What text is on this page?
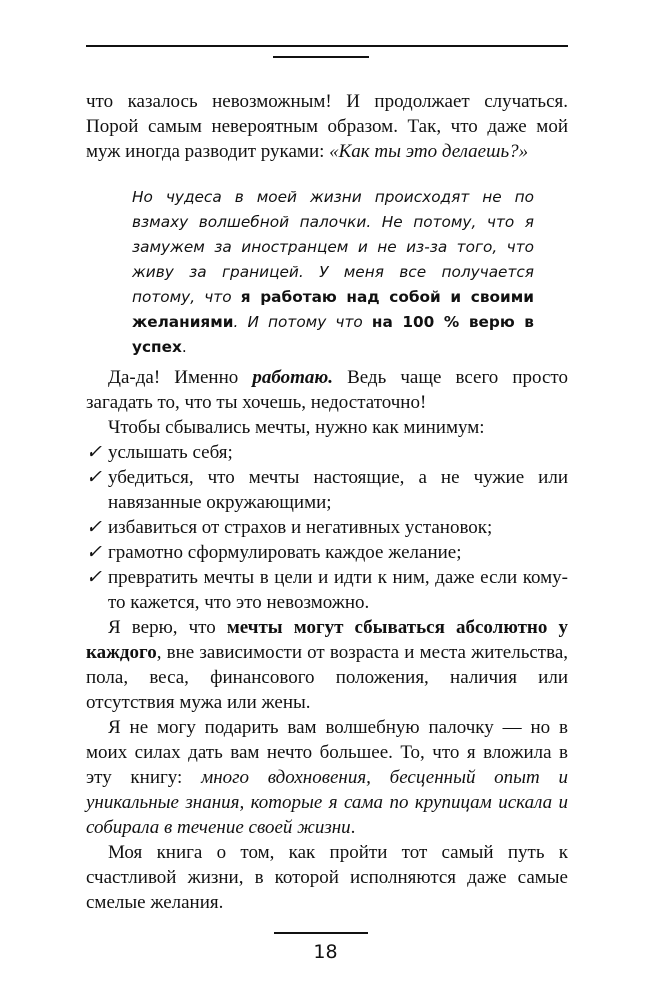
что казалось невозможным! И продолжает случаться. Порой самым невероятным образом. Так, что даже мой муж иногда разводит руками: «Как ты это делаешь?»

Но чудеса в моей жизни происходят не по взмаху волшебной палочки. Не потому, что я замужем за иностранцем и не из-за того, что живу за границей. У меня все получается потому, что я работаю над собой и своими желаниями. И потому что на 100 % верю в успех.

Да-да! Именно работаю. Ведь чаще всего просто загадать то, что ты хочешь, недостаточно!

Чтобы сбывались мечты, нужно как минимум:

✓ услышать себя;
✓ убедиться, что мечты настоящие, а не чужие или навязанные окружающими;
✓ избавиться от страхов и негативных установок;
✓ грамотно сформулировать каждое желание;
✓ превратить мечты в цели и идти к ним, даже если кому-то кажется, что это невозможно.

Я верю, что мечты могут сбываться абсолютно у каждого, вне зависимости от возраста и места жительства, пола, веса, финансового положения, наличия или отсутствия мужа или жены.

Я не могу подарить вам волшебную палочку — но в моих силах дать вам нечто большее. То, что я вложила в эту книгу: много вдохновения, бесценный опыт и уникальные знания, которые я сама по крупицам искала и собирала в течение своей жизни.

Моя книга о том, как пройти тот самый путь к счастливой жизни, в которой исполняются даже самые смелые желания.

18
